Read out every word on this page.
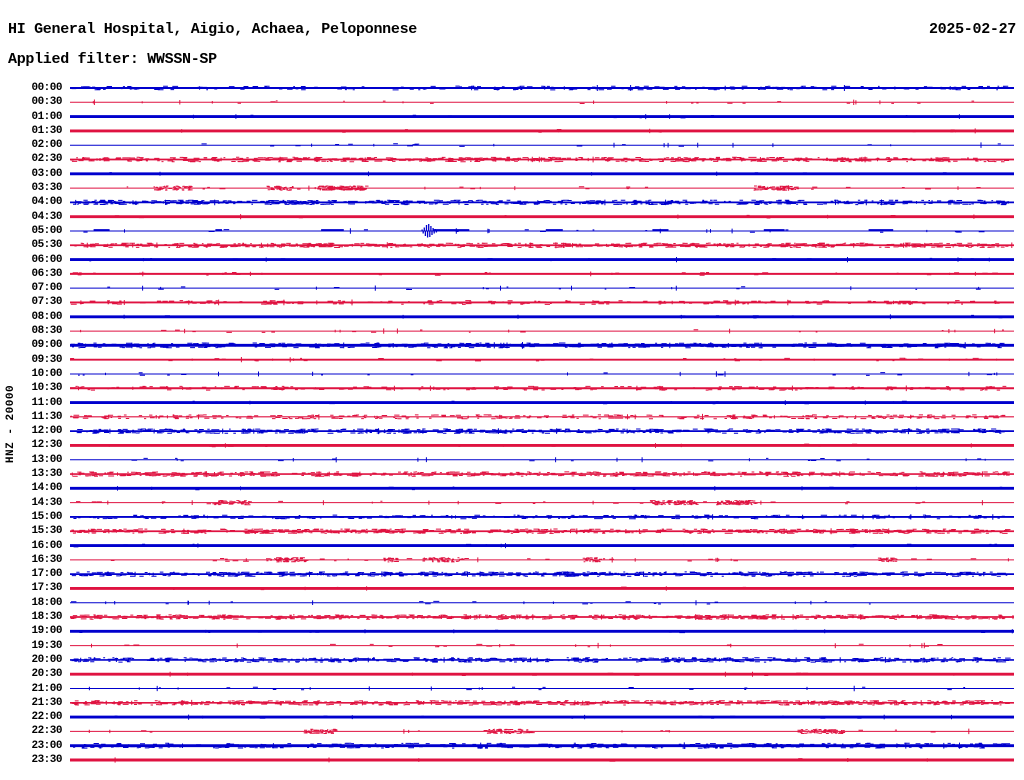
HI General Hospital, Aigio, Achaea, Peloponnese	2025-02-27
Applied filter: WWSSN-SP
HNZ - 20000
00:00
00:30
01:00
01:30
02:00
02:30
03:00
03:30
04:00
04:30
05:00
05:30
06:00
06:30
07:00
07:30
08:00
08:30
09:00
09:30
10:00
10:30
11:00
11:30
12:00
12:30
13:00
13:30
14:00
14:30
15:00
15:30
16:00
16:30
17:00
17:30
18:00
18:30
19:00
19:30
20:00
20:30
21:00
21:30
22:00
22:30
23:00
23:30
